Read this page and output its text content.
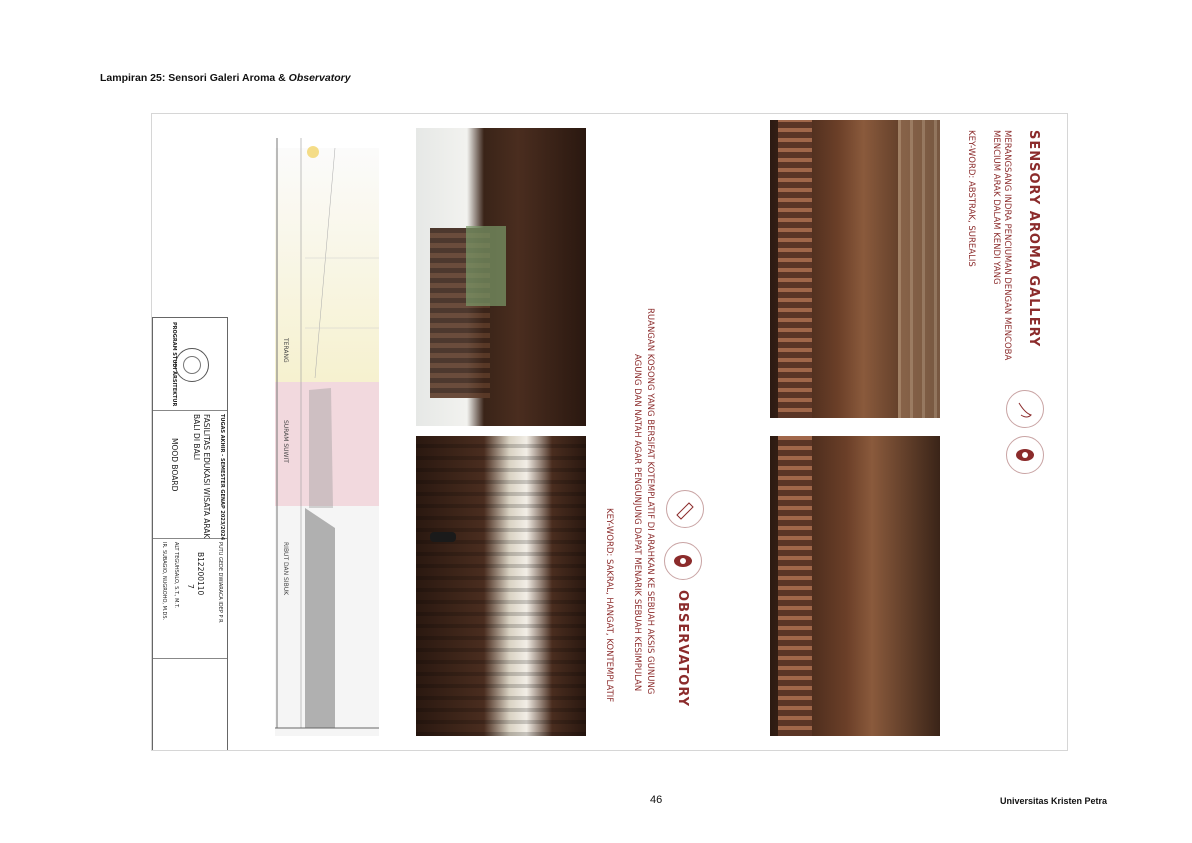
Lampiran 25: Sensori Galeri Aroma & Observatory
PROGRAM STUDI ARSITEKTUR
TUGAS AKHIR - SEMESTER GENAP 2023/2024
FASILITAS EDUKASI WISATA ARAK
BALI DI BALI
MOOD BOARD
PUTU GEDE DWIARACA IDEP P R
B12200110
7
ALT TEGUHSALO, S.T., M.T.
IR. SUBAGIO, NUGROHO, M.DS.
TERANG
SURAM SUWIT
RIBUT DAN SIBUK
OBSERVATORY
RUANGAN KOSONG YANG BERSIFAT KOTEMPLATIF DI ARAHKAN KE SEBUAH AKSIS GUNUNG
AGUNG DAN NATAH AGAR PENGUNJUNG DAPAT MENARIK SEBUAH KESIMPULAN
KEY-WORD: SAKRAL, HANGAT, KONTEMPLATIF
SENSORY AROMA GALLERY
MERANGSANG INDRA PENCIUMAN DENGAN MENCOBA
MENCIUM ARAK DALAM KENDI YANG
KEY-WORD: ABSTRAK, SUREALIS
46	Universitas Kristen Petra
